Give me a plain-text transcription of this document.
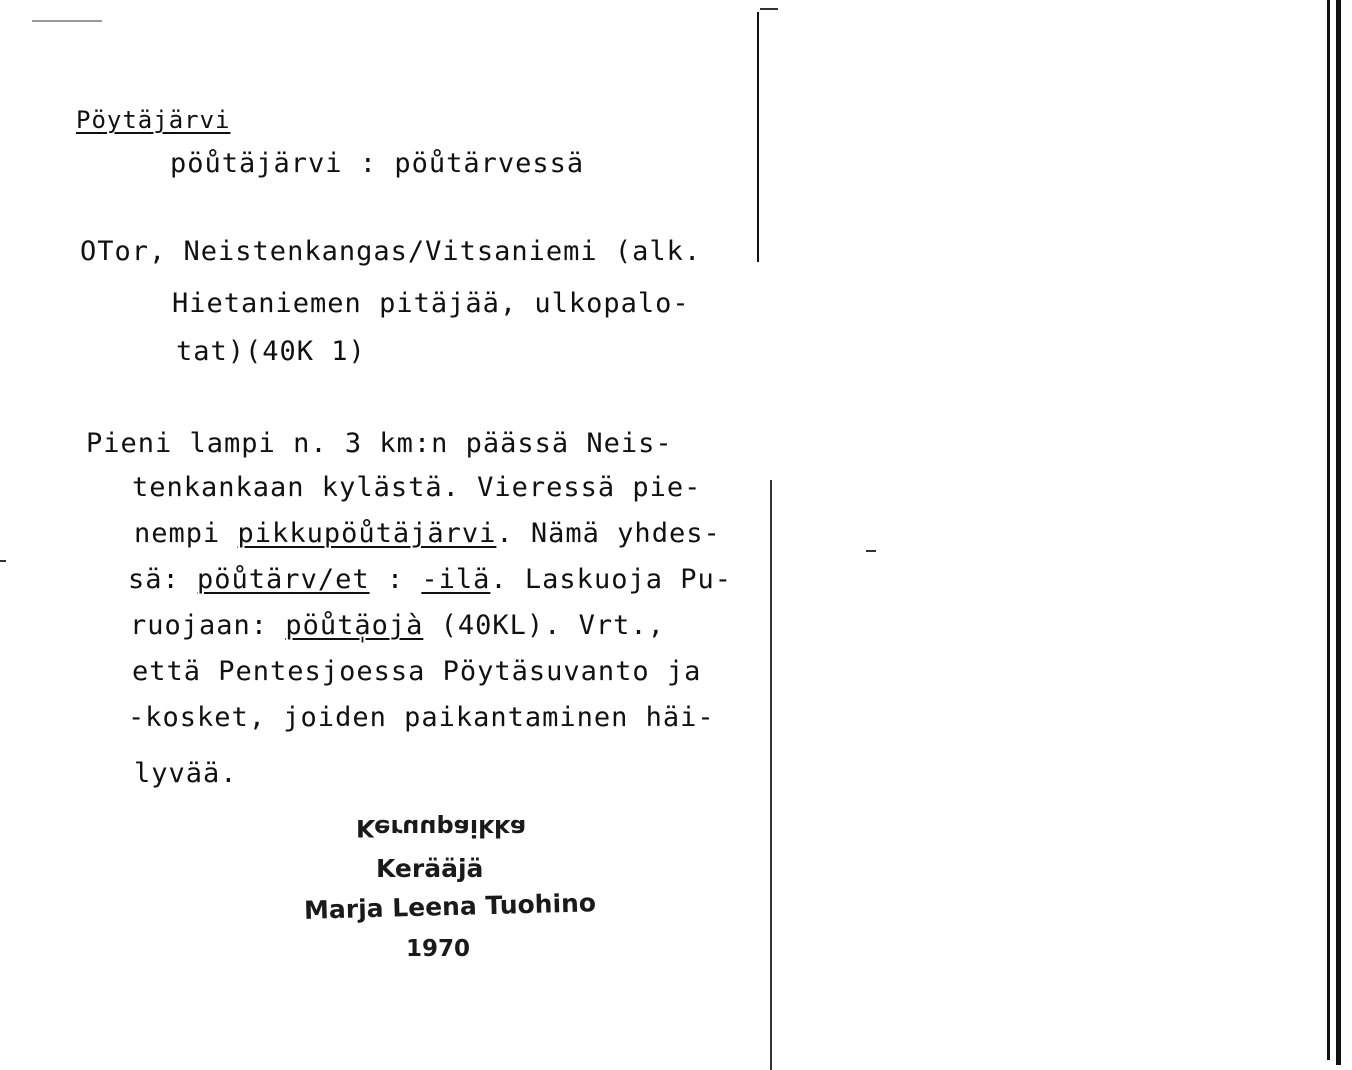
Pöytäjärvi
pöůtäjärvi : pöůtärvessä
OTor, Neistenkangas/Vitsaniemi (alk.
Hietaniemen pitäjää, ulkopalo-
tat)(40K 1)
Pieni lampi n. 3 km:n päässä Neis-
tenkankaan kylästä. Vieressä pie-
nempi pikkupöůtäjärvi. Nämä yhdes-
sä: pöůtärv/et : -ilä. Laskuoja Pu-
ruojaan: pöůtä̩ojà (40KL). Vrt.,
että Pentesjoessa Pöytäsuvanto ja
-kosket, joiden paikantaminen häi-
lyvää.
Keruupaikka
Kerääjä
Marja Leena Tuohino
1970
